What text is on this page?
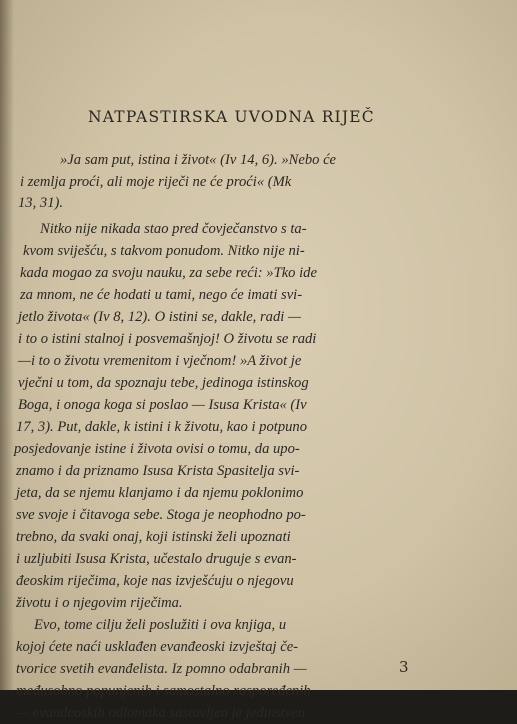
NATPASTIRSKA UVODNA RIJEČ
»Ja sam put, istina i život« (Iv 14, 6). »Nebo će
i zemlja proći, ali moje riječi ne će proći« (Mk
13, 31).
Nitko nije nikada stao pred čovječanstvo s ta-
kvom sviješću, s takvom ponudom. Nitko nije ni-
kada mogao za svoju nauku, za sebe reći: »Tko ide
za mnom, ne će hodati u tami, nego će imati svi-
jetlo života« (Iv 8, 12). O istini se, dakle, radi —
i to o istini stalnoj i posvemašnjoj! O životu se radi
—i to o životu vremenitom i vječnom! »A život je
vječni u tom, da spoznaju tebe, jedinoga istinskog
Boga, i onoga koga si poslao — Isusa Krista« (Iv
17, 3). Put, dakle, k istini i k životu, kao i potpuno
posjedovanje istine i života ovisi o tomu, da upo-
znamo i da priznamo Isusa Krista Spasitelja svi-
jeta, da se njemu klanjamo i da njemu poklonimo
sve svoje i čitavoga sebe. Stoga je neophodno po-
trebno, da svaki onaj, koji istinski želi upoznati
i uzljubiti Isusa Krista, učestalo druguje s evan-
đeoskim riječima, koje nas izvješćuju o njegovu
životu i o njegovim riječima.
Evo, tome cilju želi poslužiti i ova knjiga, u
kojoj ćete naći usklađen evanđeoski izvještaj če-
tvorice svetih evanđelista. Iz pomno odabranih —
međusobno popunjenih i samostalno raspoređenih
— evanđeoskih odlomaka sastavljen je jedinstven
3
